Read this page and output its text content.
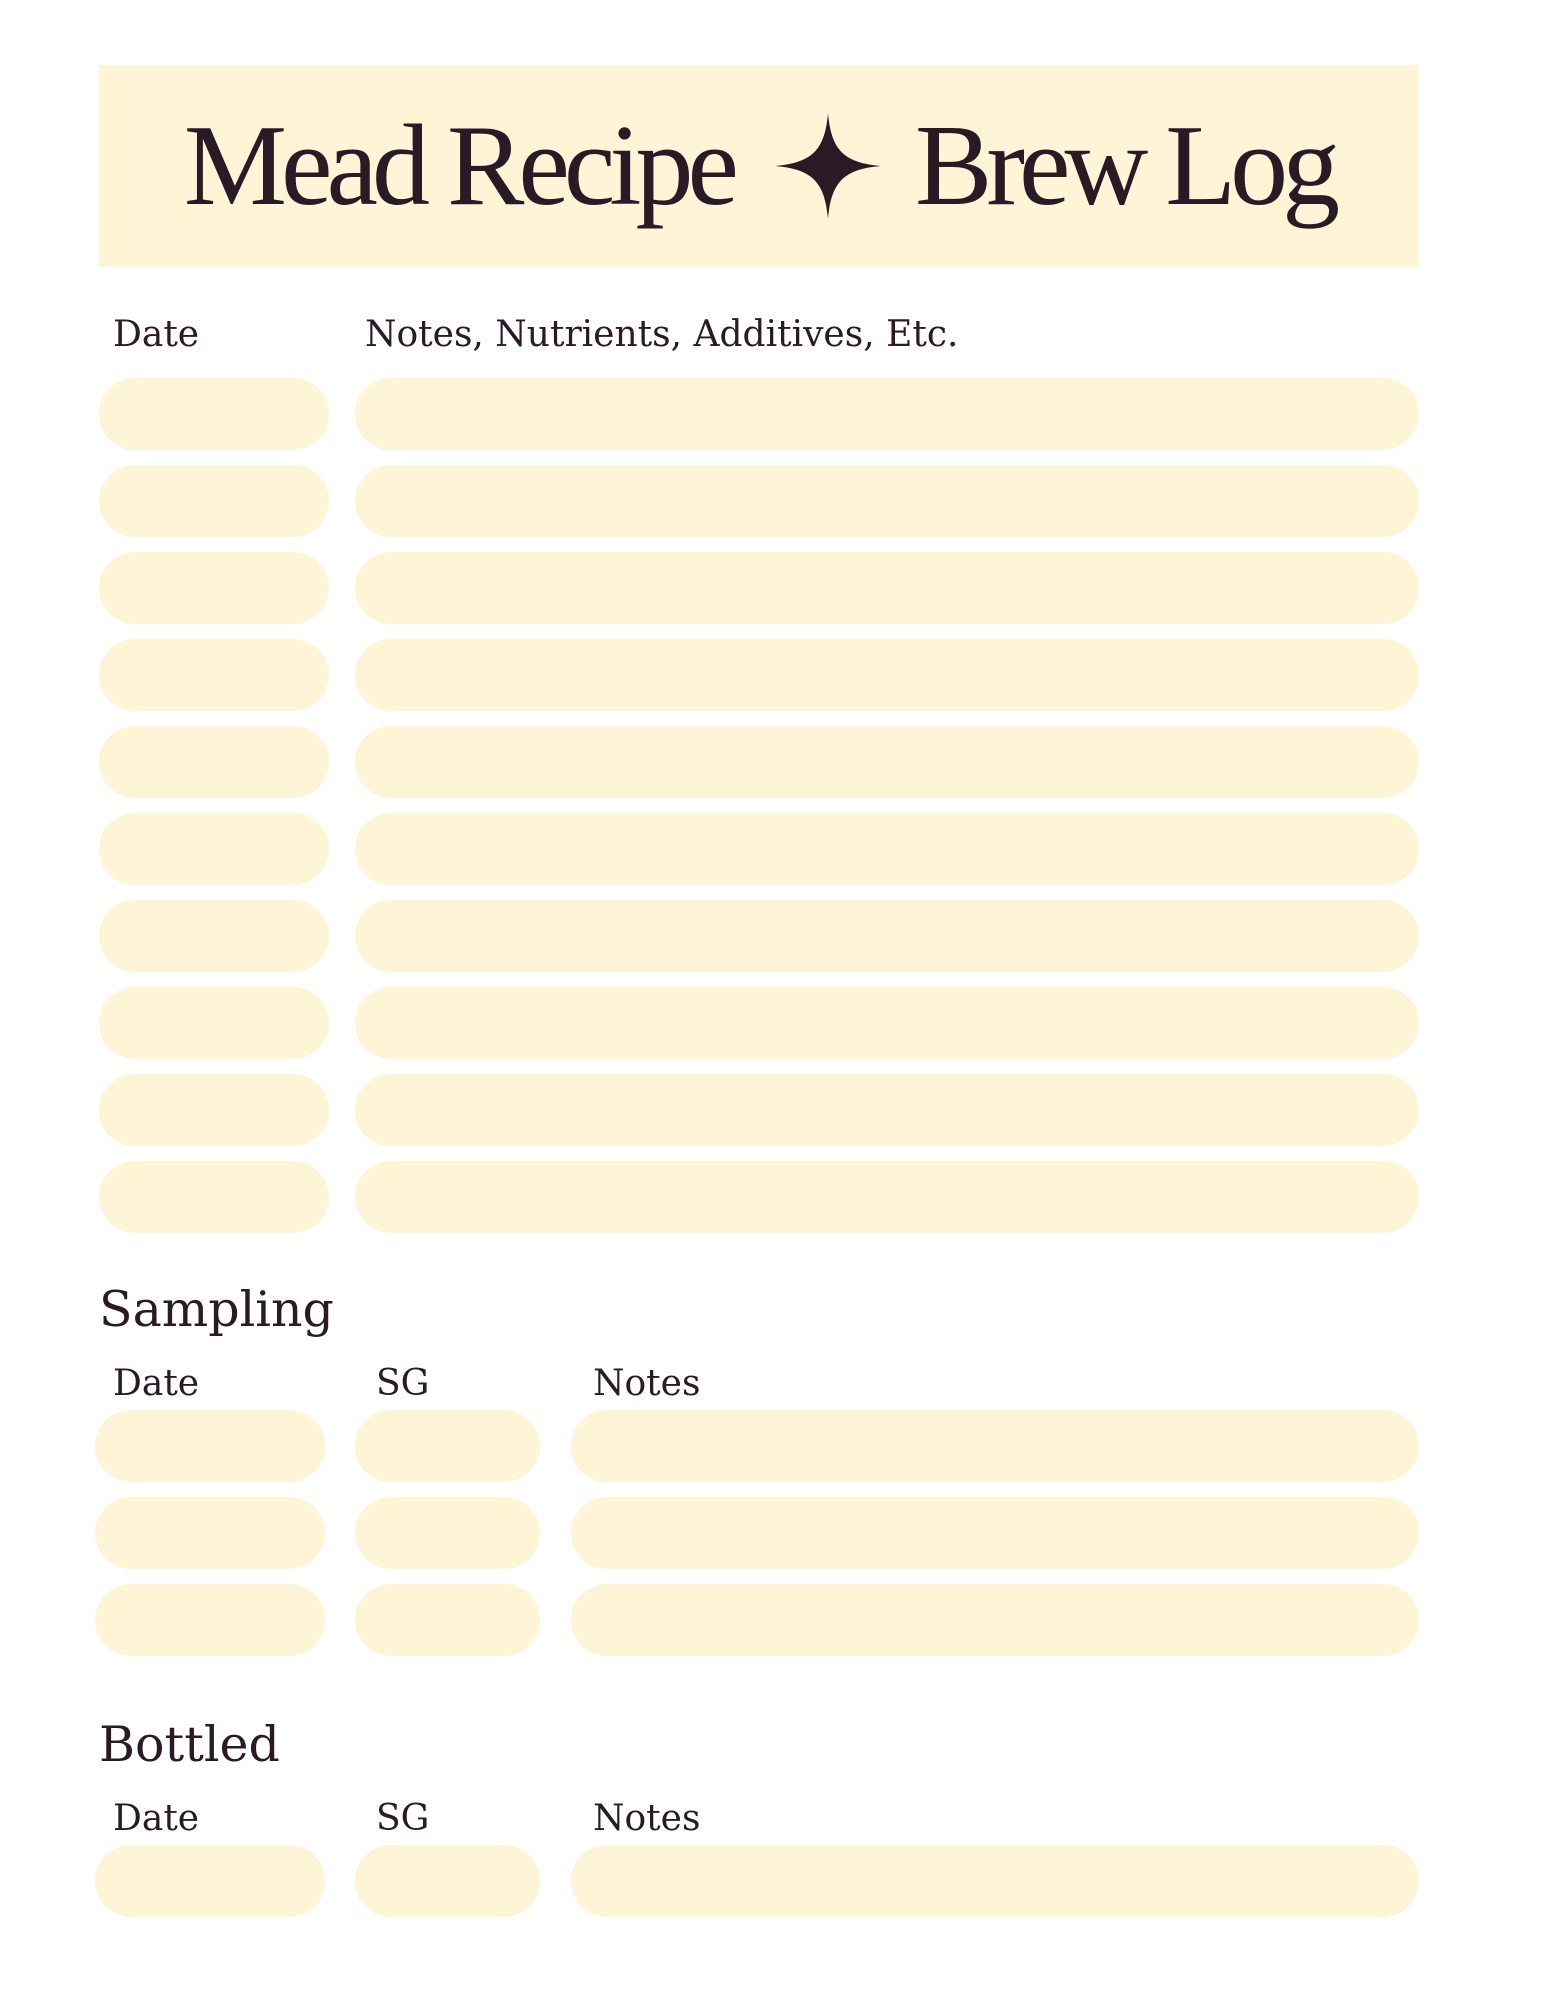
Mead Recipe Brew Log
Date	Notes, Nutrients, Additives, Etc.
Sampling
Date	SG	Notes
Bottled
Date	SG	Notes
